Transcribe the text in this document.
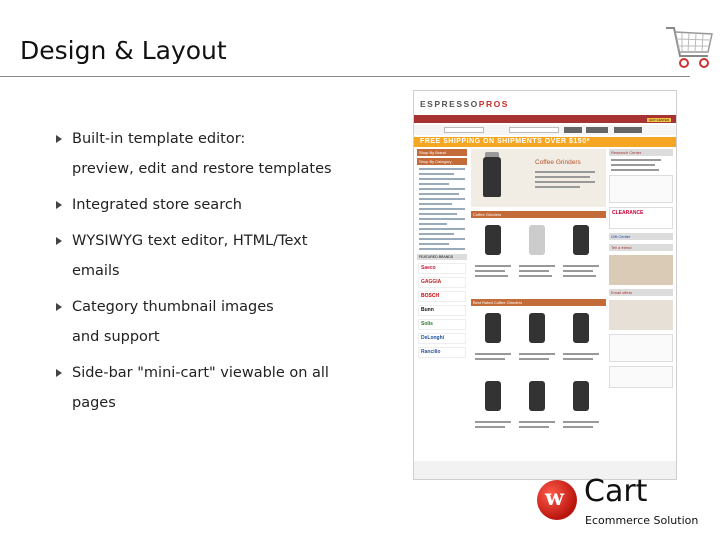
Design & Layout
Built-in template editor:
preview, edit and restore templates
Integrated store search
WYSIWYG text editor, HTML/Text
emails
Category thumbnail images
and support
Side-bar "mini-cart" viewable on all
pages
ESPRESSOPROS

GIFT CENTER
FREE SHIPPING ON SHIPMENTS OVER $150*
Shop By Brand
Shop By Category
FEATURED BRANDS
Saeco
GAGGIA
BOSCH
Bunn
Solis
DeLonghi
Rancilio
Coffee Grinders
Coffee Grinders
Best Rated Coffee Grinders
Research Center
CLEARANCE
Gift Center
Tell a friend
Email offers
w
Cart
Ecommerce Solution
